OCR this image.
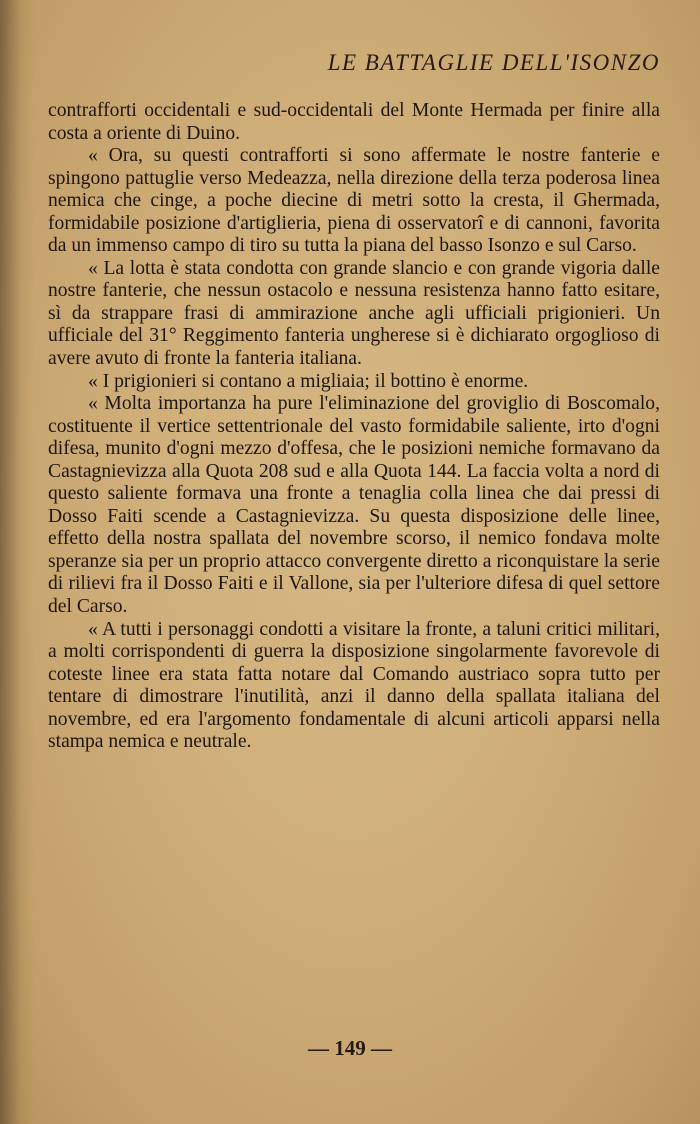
LE BATTAGLIE DELL'ISONZO

contrafforti occidentali e sud-occidentali del Monte Hermada per finire alla costa a oriente di Duino.

« Ora, su questi contrafforti si sono affermate le nostre fanterie e spingono pattuglie verso Medeazza, nella direzione della terza poderosa linea nemica che cinge, a poche diecine di metri sotto la cresta, il Ghermada, formidabile posizione d'artiglieria, piena di osservatorî e di cannoni, favorita da un immenso campo di tiro su tutta la piana del basso Isonzo e sul Carso.

« La lotta è stata condotta con grande slancio e con grande vigoria dalle nostre fanterie, che nessun ostacolo e nessuna resistenza hanno fatto esitare, sì da strappare frasi di ammirazione anche agli ufficiali prigionieri. Un ufficiale del 31° Reggimento fanteria ungherese si è dichiarato orgoglioso di avere avuto di fronte la fanteria italiana.

« I prigionieri si contano a migliaia; il bottino è enorme.

« Molta importanza ha pure l'eliminazione del groviglio di Boscomalo, costituente il vertice settentrionale del vasto formidabile saliente, irto d'ogni difesa, munito d'ogni mezzo d'offesa, che le posizioni nemiche formavano da Castagnievizza alla Quota 208 sud e alla Quota 144. La faccia volta a nord di questo saliente formava una fronte a tenaglia colla linea che dai pressi di Dosso Faiti scende a Castagnievizza. Su questa disposizione delle linee, effetto della nostra spallata del novembre scorso, il nemico fondava molte speranze sia per un proprio attacco convergente diretto a riconquistare la serie di rilievi fra il Dosso Faiti e il Vallone, sia per l'ulteriore difesa di quel settore del Carso.

« A tutti i personaggi condotti a visitare la fronte, a taluni critici militari, a molti corrispondenti di guerra la disposizione singolarmente favorevole di coteste linee era stata fatta notare dal Comando austriaco sopra tutto per tentare di dimostrare l'inutilità, anzi il danno della spallata italiana del novembre, ed era l'argomento fondamentale di alcuni articoli apparsi nella stampa nemica e neutrale.

— 149 —
